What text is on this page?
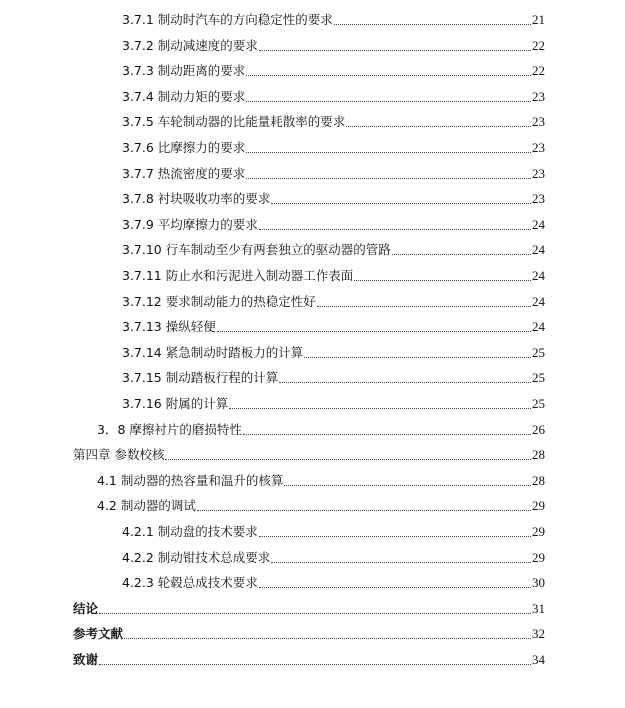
3.7.1 制动时汽车的方向稳定性的要求	21
3.7.2 制动减速度的要求	22
3.7.3 制动距离的要求	22
3.7.4 制动力矩的要求	23
3.7.5 车轮制动器的比能量耗散率的要求	23
3.7.6 比摩擦力的要求	23
3.7.7 热流密度的要求	23
3.7.8 衬块吸收功率的要求	23
3.7.9 平均摩擦力的要求	24
3.7.10 行车制动至少有两套独立的驱动器的管路	24
3.7.11 防止水和污泥进入制动器工作表面	24
3.7.12 要求制动能力的热稳定性好	24
3.7.13 操纵轻便	24
3.7.14 紧急制动时踏板力的计算	25
3.7.15 制动踏板行程的计算	25
3.7.16 附属的计算	25
3．8 摩擦衬片的磨损特性	26
第四章 参数校核	28
4.1 制动器的热容量和温升的核算	28
4.2 制动器的调试	29
4.2.1 制动盘的技术要求	29
4.2.2 制动钳技术总成要求	29
4.2.3 轮毂总成技术要求	30
结论	31
参考文献	32
致谢	34
